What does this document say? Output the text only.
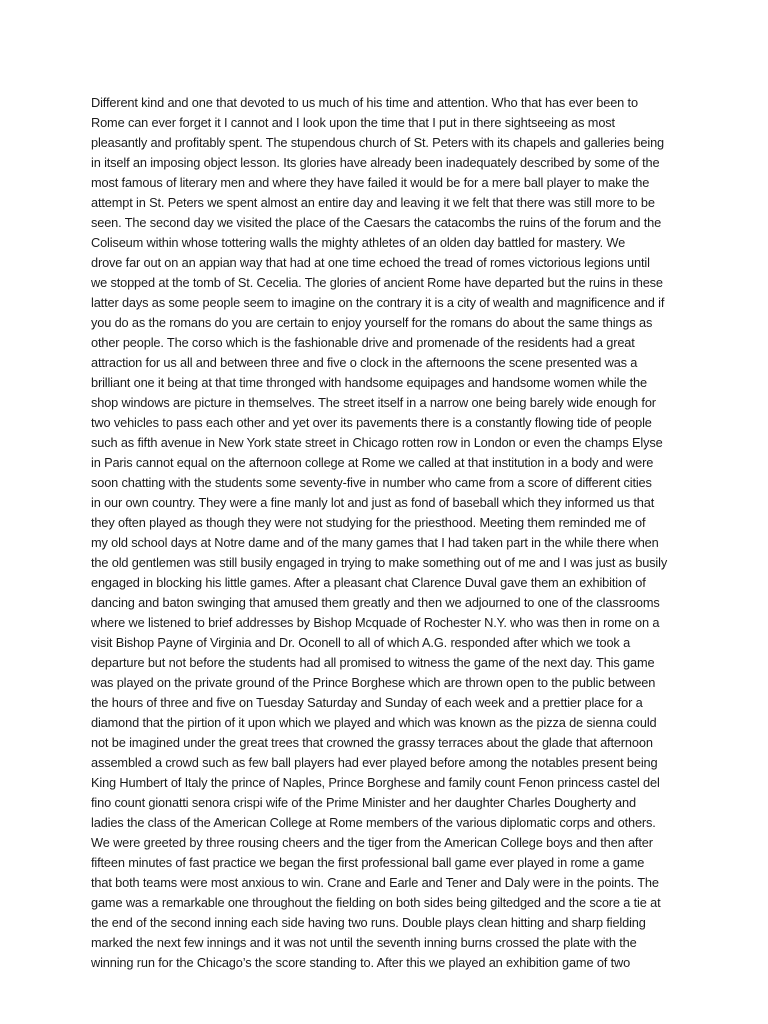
Different kind and one that devoted to us much of his time and attention. Who that has ever been to
Rome can ever forget it I cannot and I look upon the time that I put in there sightseeing as most
pleasantly and profitably spent. The stupendous church of St. Peters with its chapels and galleries being
in itself an imposing object lesson. Its glories have already been inadequately described by some of the
most famous of literary men and where they have failed it would be for a mere ball player to make the
attempt in St. Peters we spent almost an entire day and leaving it we felt that there was still more to be
seen. The second day we visited the place of the Caesars the catacombs the ruins of the forum and the
Coliseum within whose tottering walls the mighty athletes of an olden day battled for mastery. We
drove far out on an appian way that had at one time echoed the tread of romes victorious legions until
we stopped at the tomb of St. Cecelia. The glories of ancient Rome have departed but the ruins in these
latter days as some people seem to imagine on the contrary it is a city of wealth and magnificence and if
you do as the romans do you are certain to enjoy yourself for the romans do about the same things as
other people. The corso which is the fashionable drive and promenade of the residents had a great
attraction for us all and between three and five o clock in the afternoons the scene presented was a
brilliant one it being at that time thronged with handsome equipages and handsome women while the
shop windows are picture in themselves. The street itself in a narrow one being barely wide enough for
two vehicles to pass each other and yet over its pavements there is a constantly flowing tide of people
such as fifth avenue in New York state street in Chicago rotten row in London or even the champs Elyse
in Paris cannot equal on the afternoon college at Rome we called at that institution in a body and were
soon chatting with the students some seventy-five in number who came from a score of different cities
in our own country. They were a fine manly lot and just as fond of baseball which they informed us that
they often played as though they were not studying for the priesthood. Meeting them reminded me of
my old school days at Notre dame and of the many games that I had taken part in the while there when
the old gentlemen was still busily engaged in trying to make something out of me and I was just as busily
engaged in blocking his little games. After a pleasant chat Clarence Duval gave them an exhibition of
dancing and baton swinging that amused them greatly and then we adjourned to one of the classrooms
where we listened to brief addresses by Bishop Mcquade of Rochester N.Y. who was then in rome on a
visit Bishop Payne of Virginia and Dr. Oconell to all of which A.G. responded after which we took a
departure but not before the students had all promised to witness the game of the next day. This game
was played on the private ground of the Prince Borghese which are thrown open to the public between
the hours of three and five on Tuesday Saturday and Sunday of each week and a prettier place for a
diamond that the pirtion of it upon which we played and which was known as the pizza de sienna could
not be imagined under the great trees that crowned the grassy terraces about the glade that afternoon
assembled a crowd such as few ball players had ever played before among the notables present being
King Humbert of Italy the prince of Naples, Prince Borghese and family count Fenon princess castel del
fino count gionatti senora crispi wife of the Prime Minister and her daughter Charles Dougherty and
ladies the class of the American College at Rome members of the various diplomatic corps and others.
We were greeted by three rousing cheers and the tiger from the American College boys and then after
fifteen minutes of fast practice we began the first professional ball game ever played in rome a game
that both teams were most anxious to win. Crane and Earle and Tener and Daly were in the points. The
game was a remarkable one throughout the fielding on both sides being giltedged and the score a tie at
the end of the second inning each side having two runs. Double plays clean hitting and sharp fielding
marked the next few innings and it was not until the seventh inning burns crossed the plate with the
winning run for the Chicago’s the score standing to. After this we played an exhibition game of two
